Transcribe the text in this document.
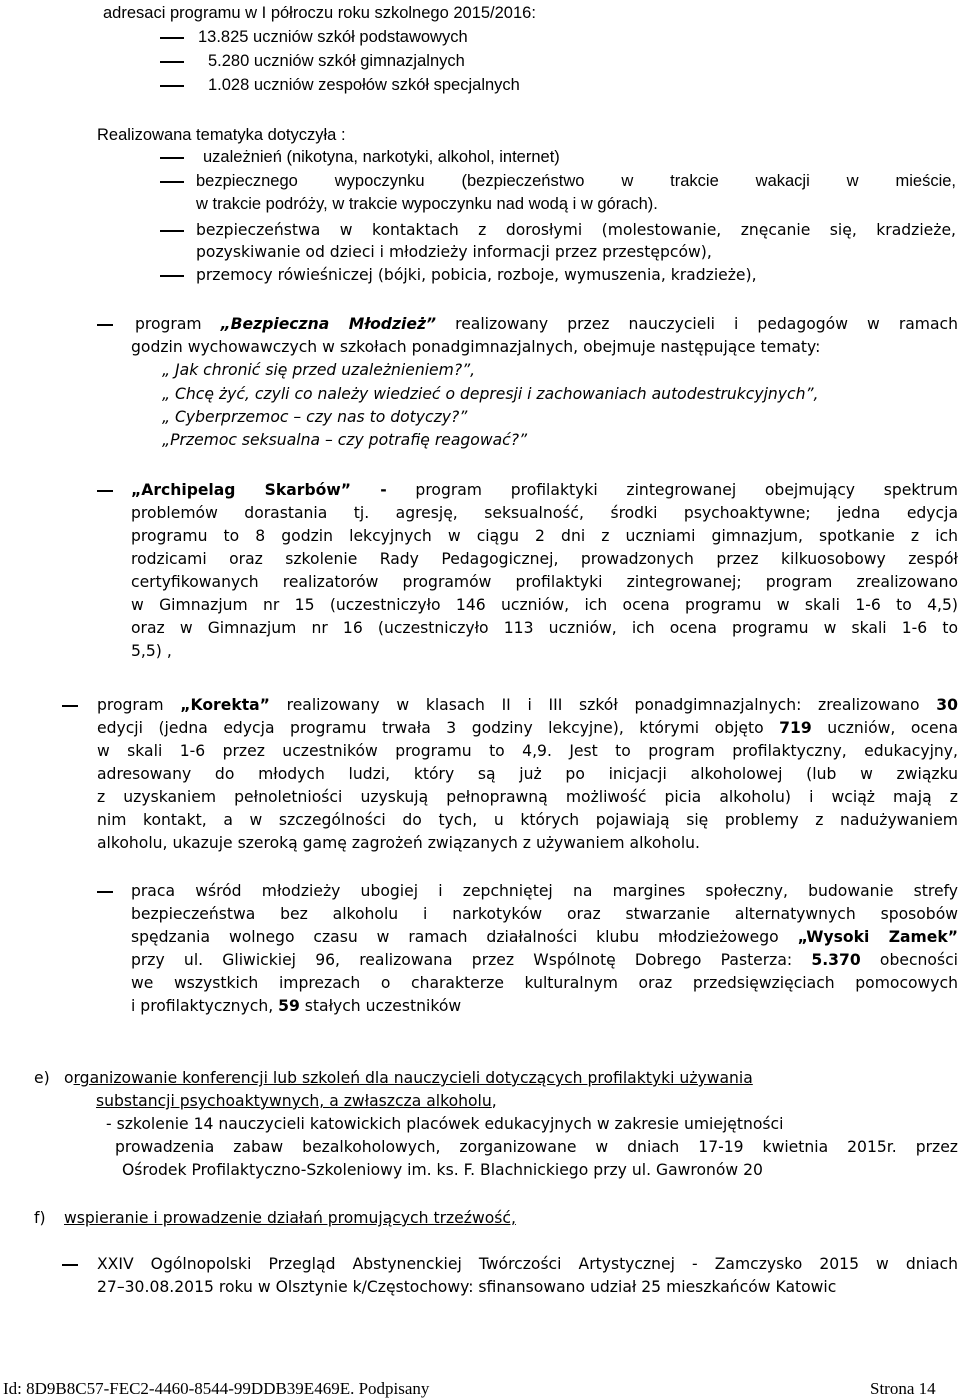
adresaci programu w I półroczu roku szkolnego 2015/2016:
13.825 uczniów szkół podstawowych
5.280 uczniów szkół gimnazjalnych
1.028 uczniów zespołów szkół specjalnych
Realizowana tematyka dotyczyła :
uzależnień (nikotyna, narkotyki, alkohol, internet)
bezpiecznego wypoczynku (bezpieczeństwo w trakcie wakacji w mieście,
w trakcie podróży, w trakcie wypoczynku nad wodą i w górach).
bezpieczeństwa w kontaktach z dorosłymi (molestowanie, znęcanie się, kradzieże,
pozyskiwanie od dzieci i młodzieży informacji przez przestępców),
przemocy rówieśniczej (bójki, pobicia, rozboje, wymuszenia, kradzieże),
program „Bezpieczna Młodzież” realizowany przez nauczycieli i pedagogów w ramach
godzin wychowawczych w szkołach ponadgimnazjalnych, obejmuje następujące tematy:
„ Jak chronić się przed uzależnieniem?”,
„ Chcę żyć, czyli co należy wiedzieć o depresji i zachowaniach autodestrukcyjnych”,
„ Cyberprzemoc – czy nas to dotyczy?”
„Przemoc seksualna – czy potrafię reagować?”
„Archipelag Skarbów” - program profilaktyki zintegrowanej obejmujący spektrum
problemów dorastania tj. agresję, seksualność, środki psychoaktywne; jedna edycja
programu to 8 godzin lekcyjnych w ciągu 2 dni z uczniami gimnazjum, spotkanie z ich
rodzicami oraz szkolenie Rady Pedagogicznej, prowadzonych przez kilkuosobowy zespół
certyfikowanych realizatorów programów profilaktyki zintegrowanej; program zrealizowano
w Gimnazjum nr 15 (uczestniczyło 146 uczniów, ich ocena programu w skali 1-6 to 4,5)
oraz w Gimnazjum nr 16 (uczestniczyło 113 uczniów, ich ocena programu w skali 1-6 to
5,5) ,
program „Korekta” realizowany w klasach II i III szkół ponadgimnazjalnych: zrealizowano 30
edycji (jedna edycja programu trwała 3 godziny lekcyjne), którymi objęto 719 uczniów, ocena
w skali 1-6 przez uczestników programu to 4,9. Jest to program profilaktyczny, edukacyjny,
adresowany do młodych ludzi, który są już po inicjacji alkoholowej (lub w związku
z uzyskaniem pełnoletniości uzyskują pełnoprawną możliwość picia alkoholu) i wciąż mają z
nim kontakt, a w szczególności do tych, u których pojawiają się problemy z nadużywaniem
alkoholu, ukazuje szeroką gamę zagrożeń związanych z używaniem alkoholu.
praca wśród młodzieży ubogiej i zepchniętej na margines społeczny, budowanie strefy
bezpieczeństwa bez alkoholu i narkotyków oraz stwarzanie alternatywnych sposobów
spędzania wolnego czasu w ramach działalności klubu młodzieżowego „Wysoki Zamek”
przy ul. Gliwickiej 96, realizowana przez Wspólnotę Dobrego Pasterza: 5.370 obecności
we wszystkich imprezach o charakterze kulturalnym oraz przedsięwzięciach pomocowych
i profilaktycznych, 59 stałych uczestników
e) organizowanie konferencji lub szkoleń dla nauczycieli dotyczących profilaktyki używania
substancji psychoaktywnych, a zwłaszcza alkoholu,
- szkolenie 14 nauczycieli katowickich placówek edukacyjnych w zakresie umiejętności
prowadzenia zabaw bezalkoholowych, zorganizowane w dniach 17-19 kwietnia 2015r. przez
Ośrodek Profilaktyczno-Szkoleniowy im. ks. F. Blachnickiego przy ul. Gawronów 20
f) wspieranie i prowadzenie działań promujących trzeźwość,
XXIV Ogólnopolski Przegląd Abstynenckiej Twórczości Artystycznej - Zamczysko 2015 w dniach
27–30.08.2015 roku w Olsztynie k/Częstochowy: sfinansowano udział 25 mieszkańców Katowic
Id: 8D9B8C57-FEC2-4460-8544-99DDB39E469E. Podpisany	Strona 14
